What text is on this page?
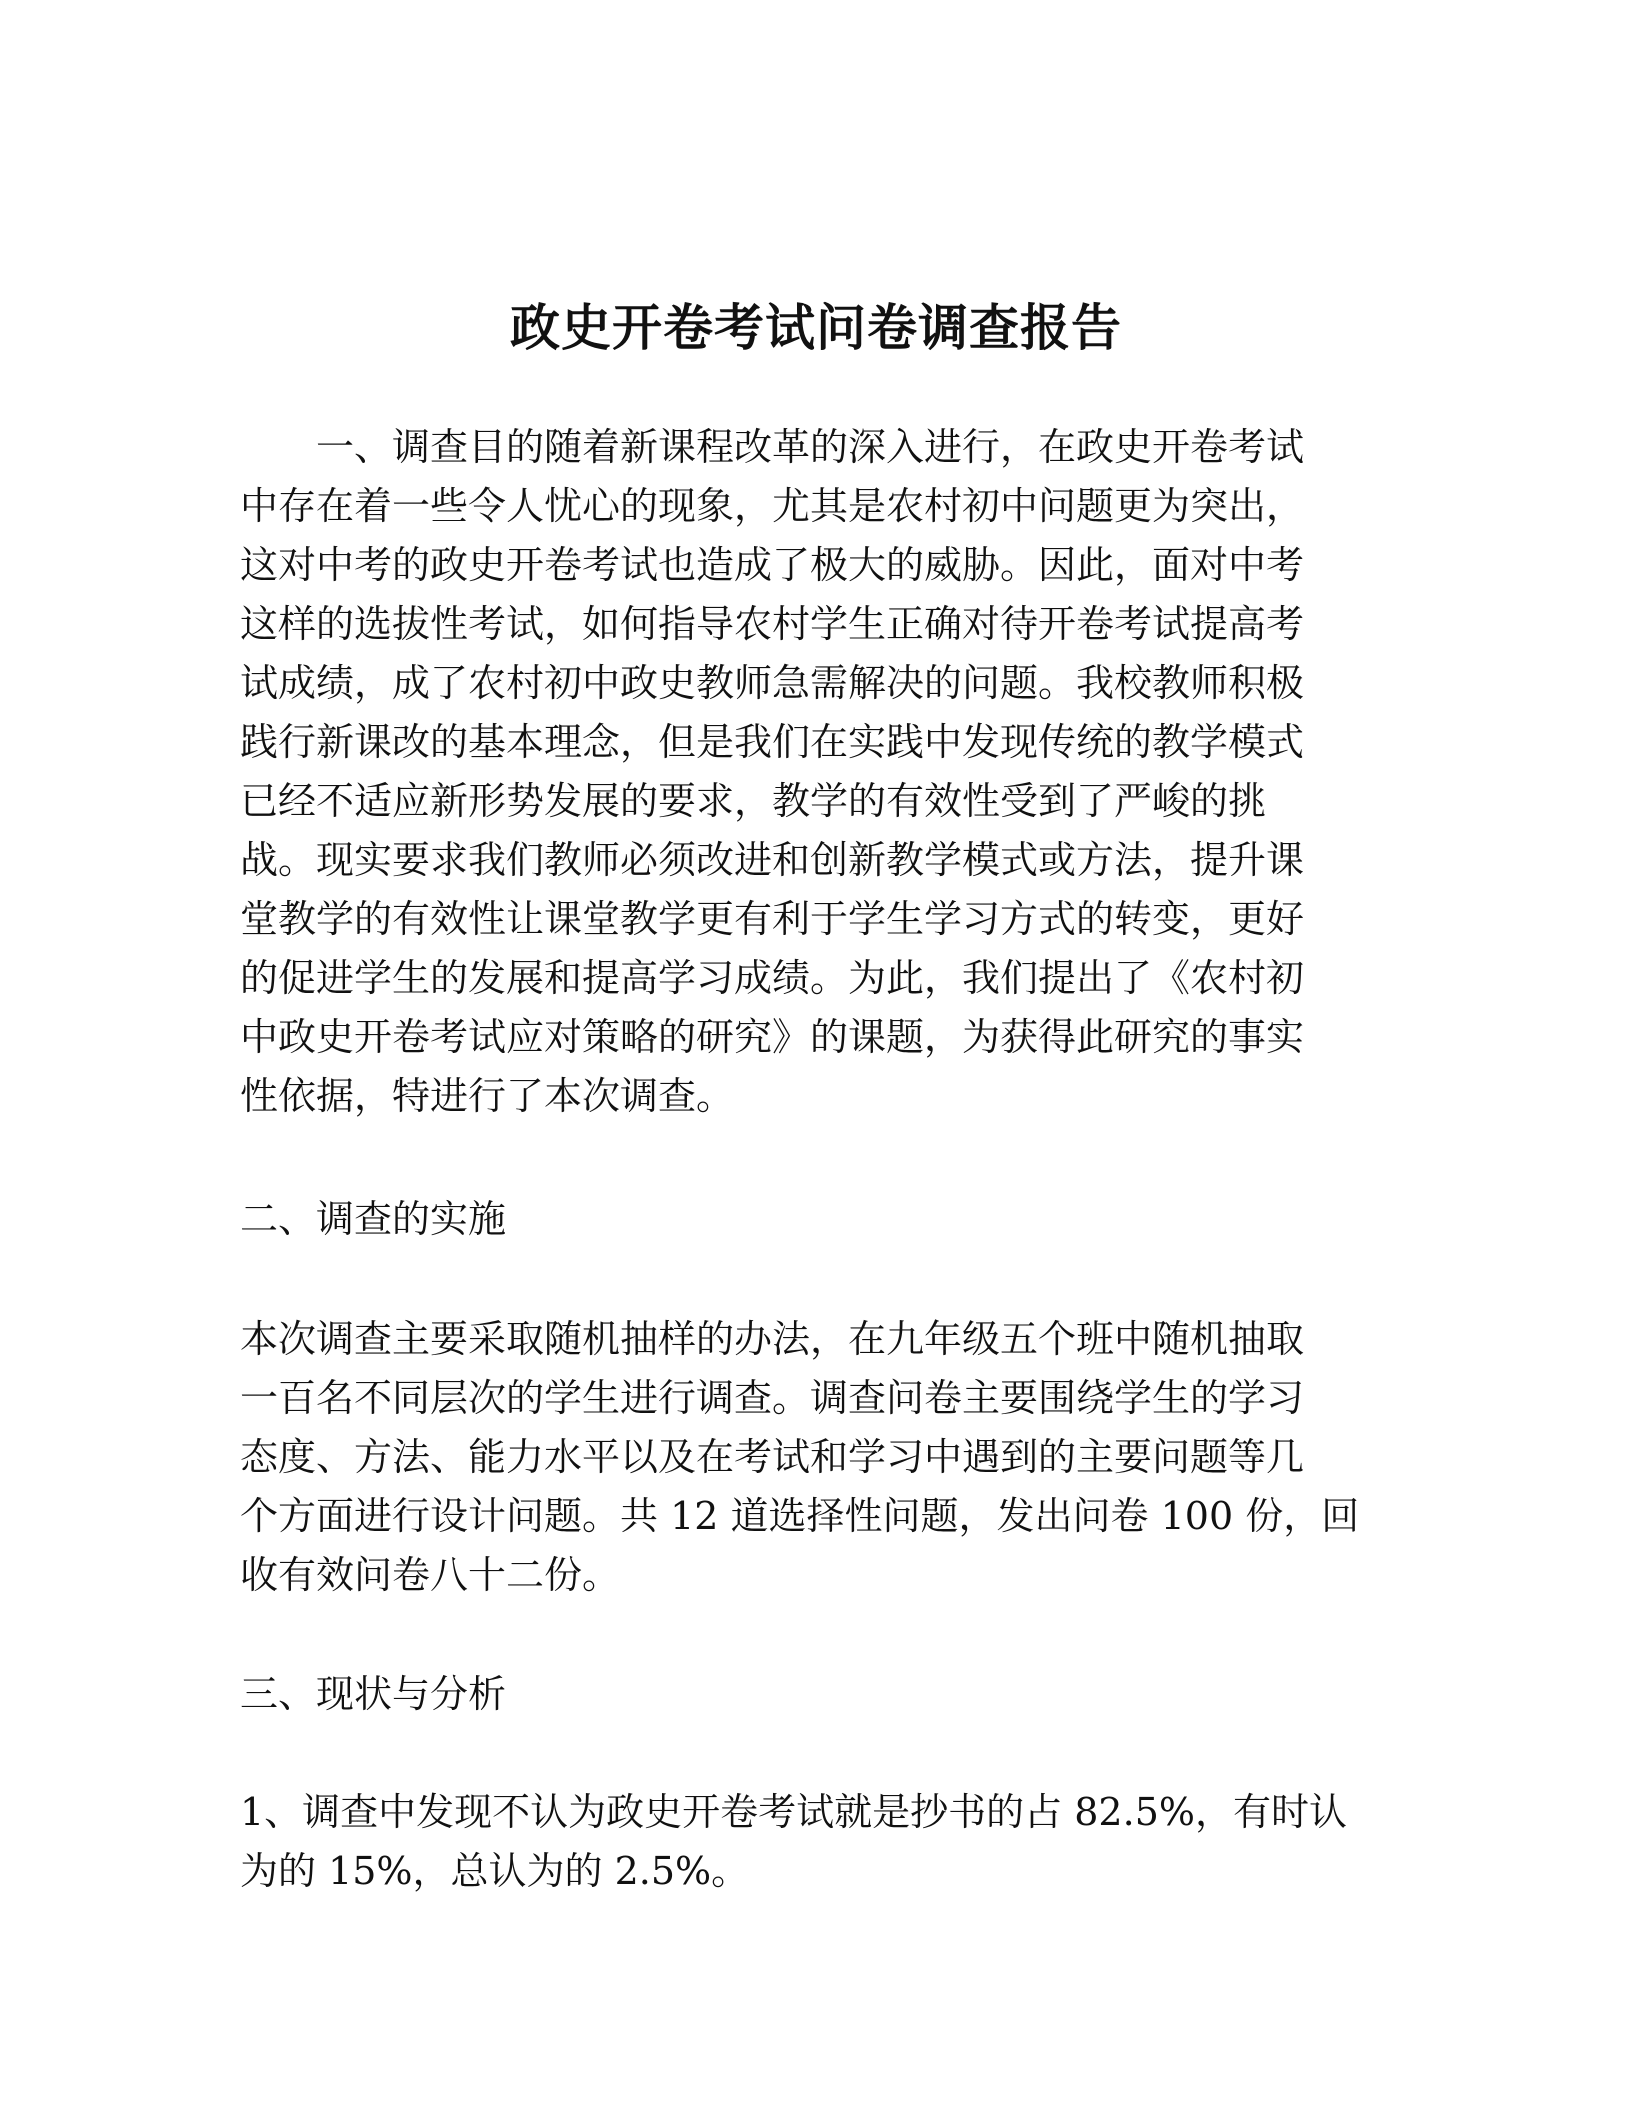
政史开卷考试问卷调查报告
　　一、调查目的随着新课程改革的深入进行，在政史开卷考试
中存在着一些令人忧心的现象，尤其是农村初中问题更为突出，
这对中考的政史开卷考试也造成了极大的威胁。因此，面对中考
这样的选拔性考试，如何指导农村学生正确对待开卷考试提高考
试成绩，成了农村初中政史教师急需解决的问题。我校教师积极
践行新课改的基本理念，但是我们在实践中发现传统的教学模式
已经不适应新形势发展的要求，教学的有效性受到了严峻的挑
战。现实要求我们教师必须改进和创新教学模式或方法，提升课
堂教学的有效性让课堂教学更有利于学生学习方式的转变，更好
的促进学生的发展和提高学习成绩。为此，我们提出了《农村初
中政史开卷考试应对策略的研究》的课题，为获得此研究的事实
性依据，特进行了本次调查。
二、调查的实施
本次调查主要采取随机抽样的办法，在九年级五个班中随机抽取
一百名不同层次的学生进行调查。调查问卷主要围绕学生的学习
态度、方法、能力水平以及在考试和学习中遇到的主要问题等几
个方面进行设计问题。共 12 道选择性问题，发出问卷 100 份，回
收有效问卷八十二份。
三、现状与分析
1、调查中发现不认为政史开卷考试就是抄书的占 82.5%，有时认
为的 15%，总认为的 2.5%。
